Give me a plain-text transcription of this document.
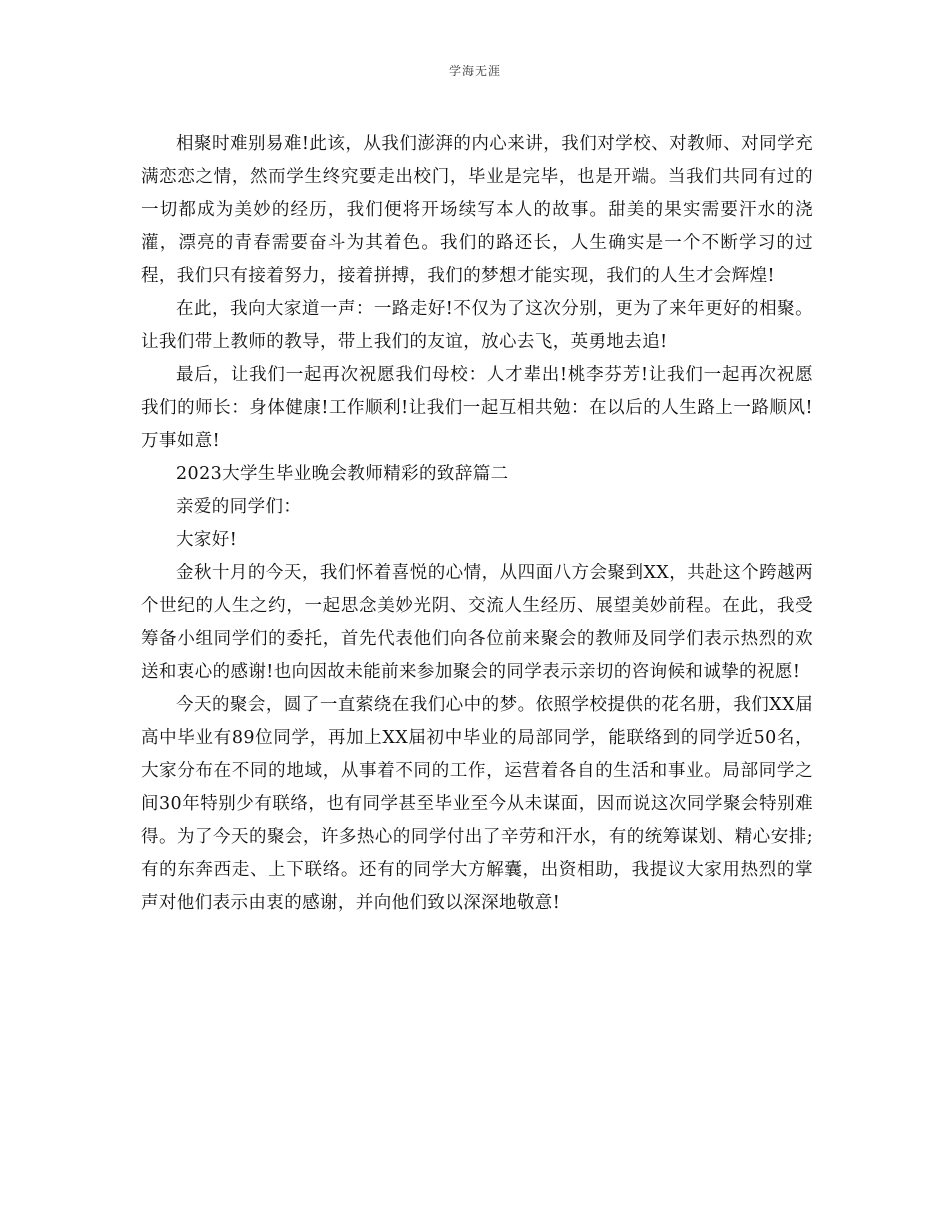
学海无涯

相聚时难别易难!此该，从我们澎湃的内心来讲，我们对学校、对教师、对同学充满恋恋之情，然而学生终究要走出校门，毕业是完毕，也是开端。当我们共同有过的一切都成为美妙的经历，我们便将开场续写本人的故事。甜美的果实需要汗水的浇灌，漂亮的青春需要奋斗为其着色。我们的路还长，人生确实是一个不断学习的过程，我们只有接着努力，接着拼搏，我们的梦想才能实现，我们的人生才会辉煌!

在此，我向大家道一声：一路走好!不仅为了这次分别，更为了来年更好的相聚。让我们带上教师的教导，带上我们的友谊，放心去飞，英勇地去追!

最后，让我们一起再次祝愿我们母校：人才辈出!桃李芬芳!让我们一起再次祝愿我们的师长：身体健康!工作顺利!让我们一起互相共勉：在以后的人生路上一路顺风!万事如意!

2023大学生毕业晚会教师精彩的致辞篇二

亲爱的同学们：

大家好!

金秋十月的今天，我们怀着喜悦的心情，从四面八方会聚到XX，共赴这个跨越两个世纪的人生之约，一起思念美妙光阴、交流人生经历、展望美妙前程。在此，我受筹备小组同学们的委托，首先代表他们向各位前来聚会的教师及同学们表示热烈的欢送和衷心的感谢!也向因故未能前来参加聚会的同学表示亲切的咨询候和诚挚的祝愿!

今天的聚会，圆了一直萦绕在我们心中的梦。依照学校提供的花名册，我们XX届高中毕业有89位同学，再加上XX届初中毕业的局部同学，能联络到的同学近50名，大家分布在不同的地域，从事着不同的工作，运营着各自的生活和事业。局部同学之间30年特别少有联络，也有同学甚至毕业至今从未谋面，因而说这次同学聚会特别难得。为了今天的聚会，许多热心的同学付出了辛劳和汗水，有的统筹谋划、精心安排;有的东奔西走、上下联络。还有的同学大方解囊，出资相助，我提议大家用热烈的掌声对他们表示由衷的感谢，并向他们致以深深地敬意!
